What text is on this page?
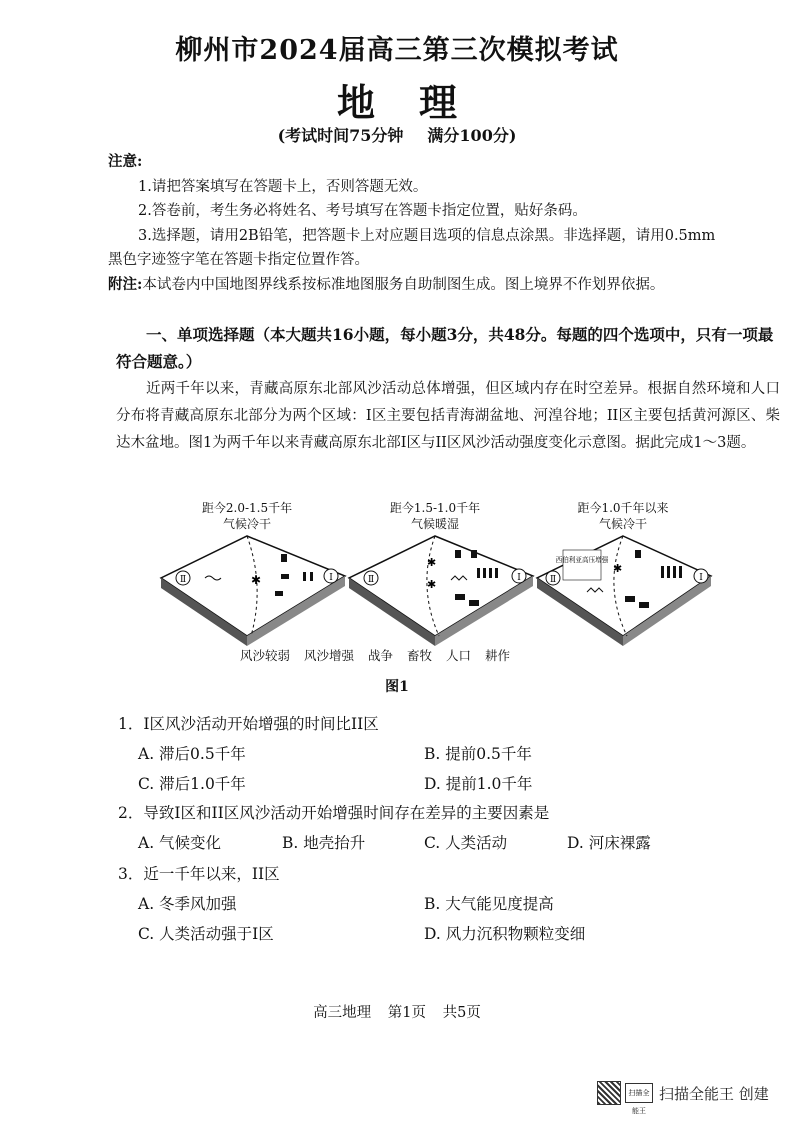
柳州市2024届高三第三次模拟考试
地 理
(考试时间75分钟 满分100分)
注意:
1.请把答案填写在答题卡上，否则答题无效。
2.答卷前，考生务必将姓名、考号填写在答题卡指定位置，贴好条码。
3.选择题，请用2B铅笔，把答题卡上对应题目选项的信息点涂黑。非选择题，请用0.5mm
黑色字迹签字笔在答题卡指定位置作答。
附注:本试卷内中国地图界线系按标准地图服务自助制图生成。图上境界不作划界依据。
一、单项选择题（本大题共16小题，每小题3分，共48分。每题的四个选项中，只有一项最符合题意。）
近两千年以来，青藏高原东北部风沙活动总体增强，但区域内存在时空差异。根据自然环境和人口分布将青藏高原东北部分为两个区域：I区主要包括青海湖盆地、河湟谷地；II区主要包括黄河源区、柴达木盆地。图1为两千年以来青藏高原东北部I区与II区风沙活动强度变化示意图。据此完成1～3题。
距今2.0-1.5千年
气候冷干
Ⅱ	Ⅰ
✱
距今1.5-1.0千年
气候暖湿
Ⅱ	Ⅰ
✱
✱
距今1.0千年以来
气候冷干
Ⅱ	Ⅰ
西伯利亚高压增强
✱
风沙较弱 风沙增强 战争 畜牧 人口 耕作
图1
1．I区风沙活动开始增强的时间比II区
A. 滞后0.5千年	B. 提前0.5千年
C. 滞后1.0千年	D. 提前1.0千年
2．导致I区和II区风沙活动开始增强时间存在差异的主要因素是
A. 气候变化	B. 地壳抬升	C. 人类活动	D. 河床裸露
3．近一千年以来，II区
A. 冬季风加强	B. 大气能见度提高
C. 人类活动强于I区	D. 风力沉积物颗粒变细
高三地理 第1页 共5页
扫描全能王
扫描全能王 创建
